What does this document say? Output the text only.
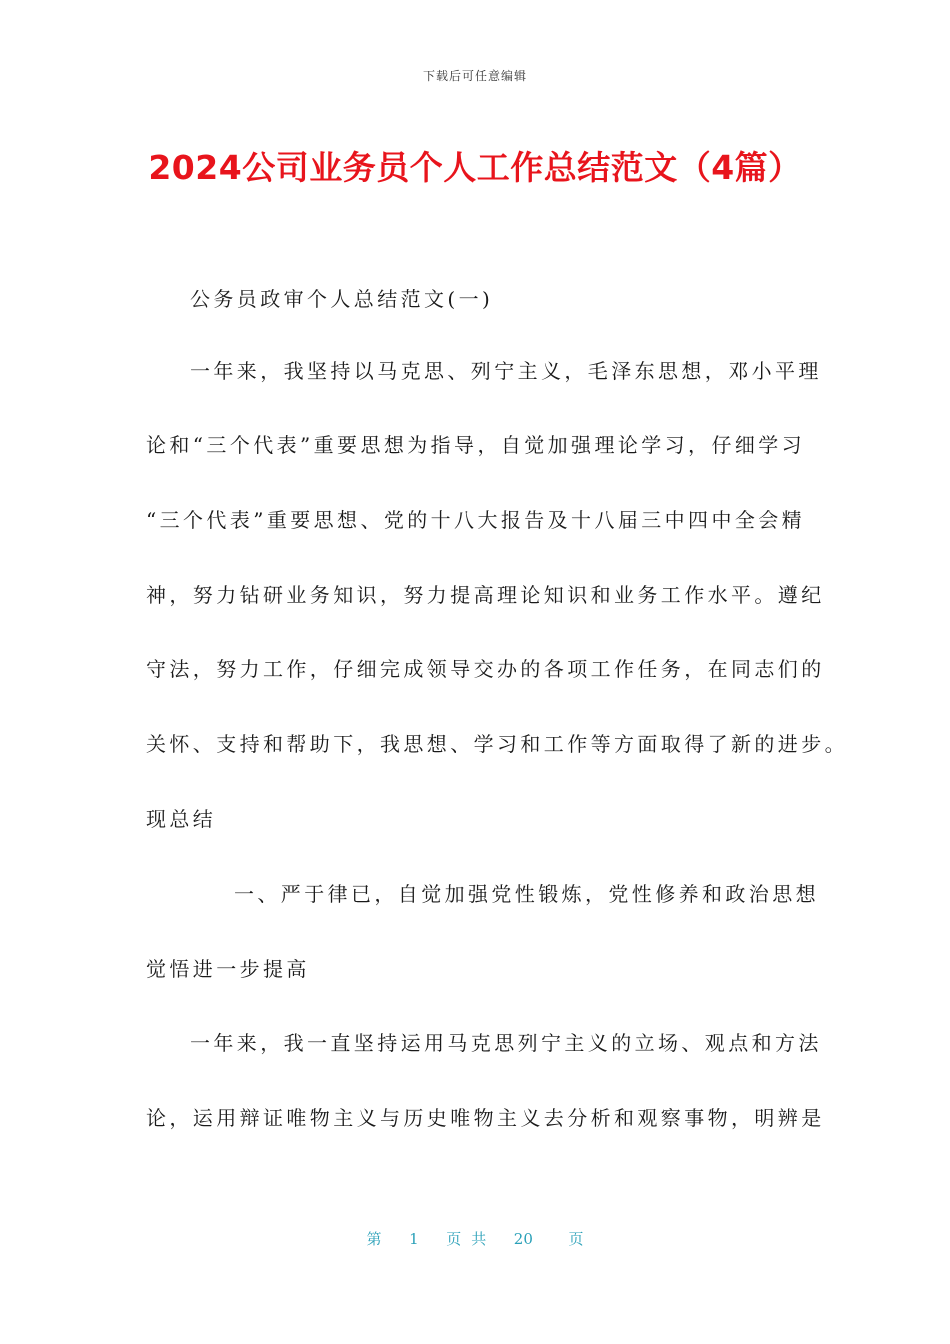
下载后可任意编辑
2024公司业务员个人工作总结范文（4篇）
公务员政审个人总结范文(一)
一年来，我坚持以马克思、列宁主义，毛泽东思想，邓小平理
论和“三个代表”重要思想为指导，自觉加强理论学习，仔细学习
“三个代表”重要思想、党的十八大报告及十八届三中四中全会精
神，努力钻研业务知识，努力提高理论知识和业务工作水平。遵纪
守法，努力工作，仔细完成领导交办的各项工作任务，在同志们的
关怀、支持和帮助下，我思想、学习和工作等方面取得了新的进步。
现总结
一、严于律已，自觉加强党性锻炼，党性修养和政治思想
觉悟进一步提高
一年来，我一直坚持运用马克思列宁主义的立场、观点和方法
论，运用辩证唯物主义与历史唯物主义去分析和观察事物，明辨是
第 1 页共 20 页
